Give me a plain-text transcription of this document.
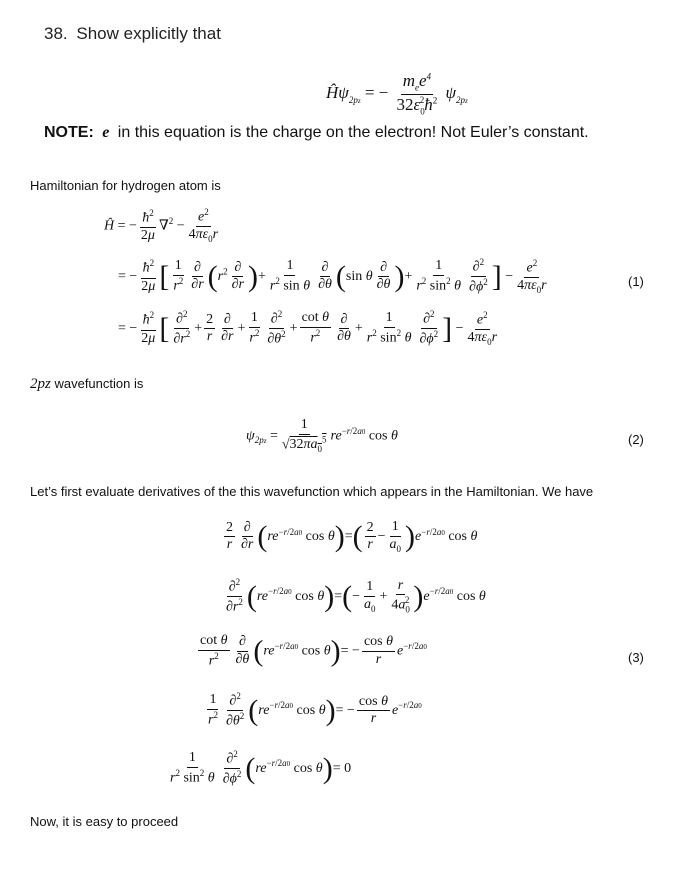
38. Show explicitly that
$Ĥ\psi_{2pz}$ = − $\frac{m_ee^4}{32\varepsilon_0^2ħ^2} \psi_{2pz}$
NOTE: e in this equation is the charge on the electron! Not Euler’s constant.
Hamiltonian for hydrogen atom is
Ĥ = − $\frac{ħ^2}{2\mu} \nabla^2 - \frac{e^2}{4\pi\varepsilon_0r}$
= − $\frac{ħ^2}{2\mu}$ [ $\frac{1}{r^2} \frac{\partial}{\partial r} (r^2 \frac{\partial}{\partial r}$ )+ $\frac{1}{r^2 \sin \theta} \frac{\partial}{\partial\theta} (\sin$ θ $\frac{\partial}{\partial\theta}$ )+ $\frac{1}{r^2 \sin^2 \theta} \frac{\partial^2}{\partial\phi^2}$ ] − $\frac{e^2}{4\pi\varepsilon_0r}$	(1)
= − $\frac{ħ^2}{2\mu}$ [ $\frac{\partial^2}{\partial r^2} + \frac{2}{r} \frac{\partial}{\partial r} + \frac{1}{r^2} \frac{\partial^2}{\partial\theta^2} + \frac{\text{cot θ}}{r^2} \frac{\partial}{\partial\theta} + \frac{1}{r^2 \sin^2 \theta} \frac{\partial^2}{\partial\phi^2}$ ] − $\frac{e^2}{4\pi\varepsilon_0r}$
2pz wavefunction is
$\psi_{2pz} = \frac{1}{√32\pi a_0^5} re^{-r/2a0}$ cos θ	(2)
Let’s first evaluate derivatives of the this wavefunction which appears in the Hamiltonian. We have
$\frac{2}{r} \frac{\partial}{\partial r} (re^{-r/2a0}$ $\cos \theta)=( \frac{2}{r} - \frac{1}{a_0} )e^{-r/2a0}$ cos θ
$\frac{\partial^2}{\partial r^2} (re^{-r/2a0}$ $\cos \theta)=(- \frac{1}{a_0} + \frac{r}{4a_0^2} )e^{-r/2a0}$ cos θ
$\frac{\text{cot θ}}{r^2} \frac{\partial}{\partial\theta} (re^{-r/2a0}$ $\cos \theta)= - \frac{\text{cos θ}}{r} e^{-r/2a0}$
(3)
$\frac{1}{r^2} \frac{\partial^2}{\partial\theta^2} (re^{-r/2a0}$ $\cos \theta)= - \frac{\text{cos θ}}{r} e^{-r/2a0}$
$\frac{1}{r^2 \sin^2 \theta} \frac{\partial^2}{\partial\phi^2} (re^{-r/2a0}$ cos θ)= 0
Now, it is easy to proceed
